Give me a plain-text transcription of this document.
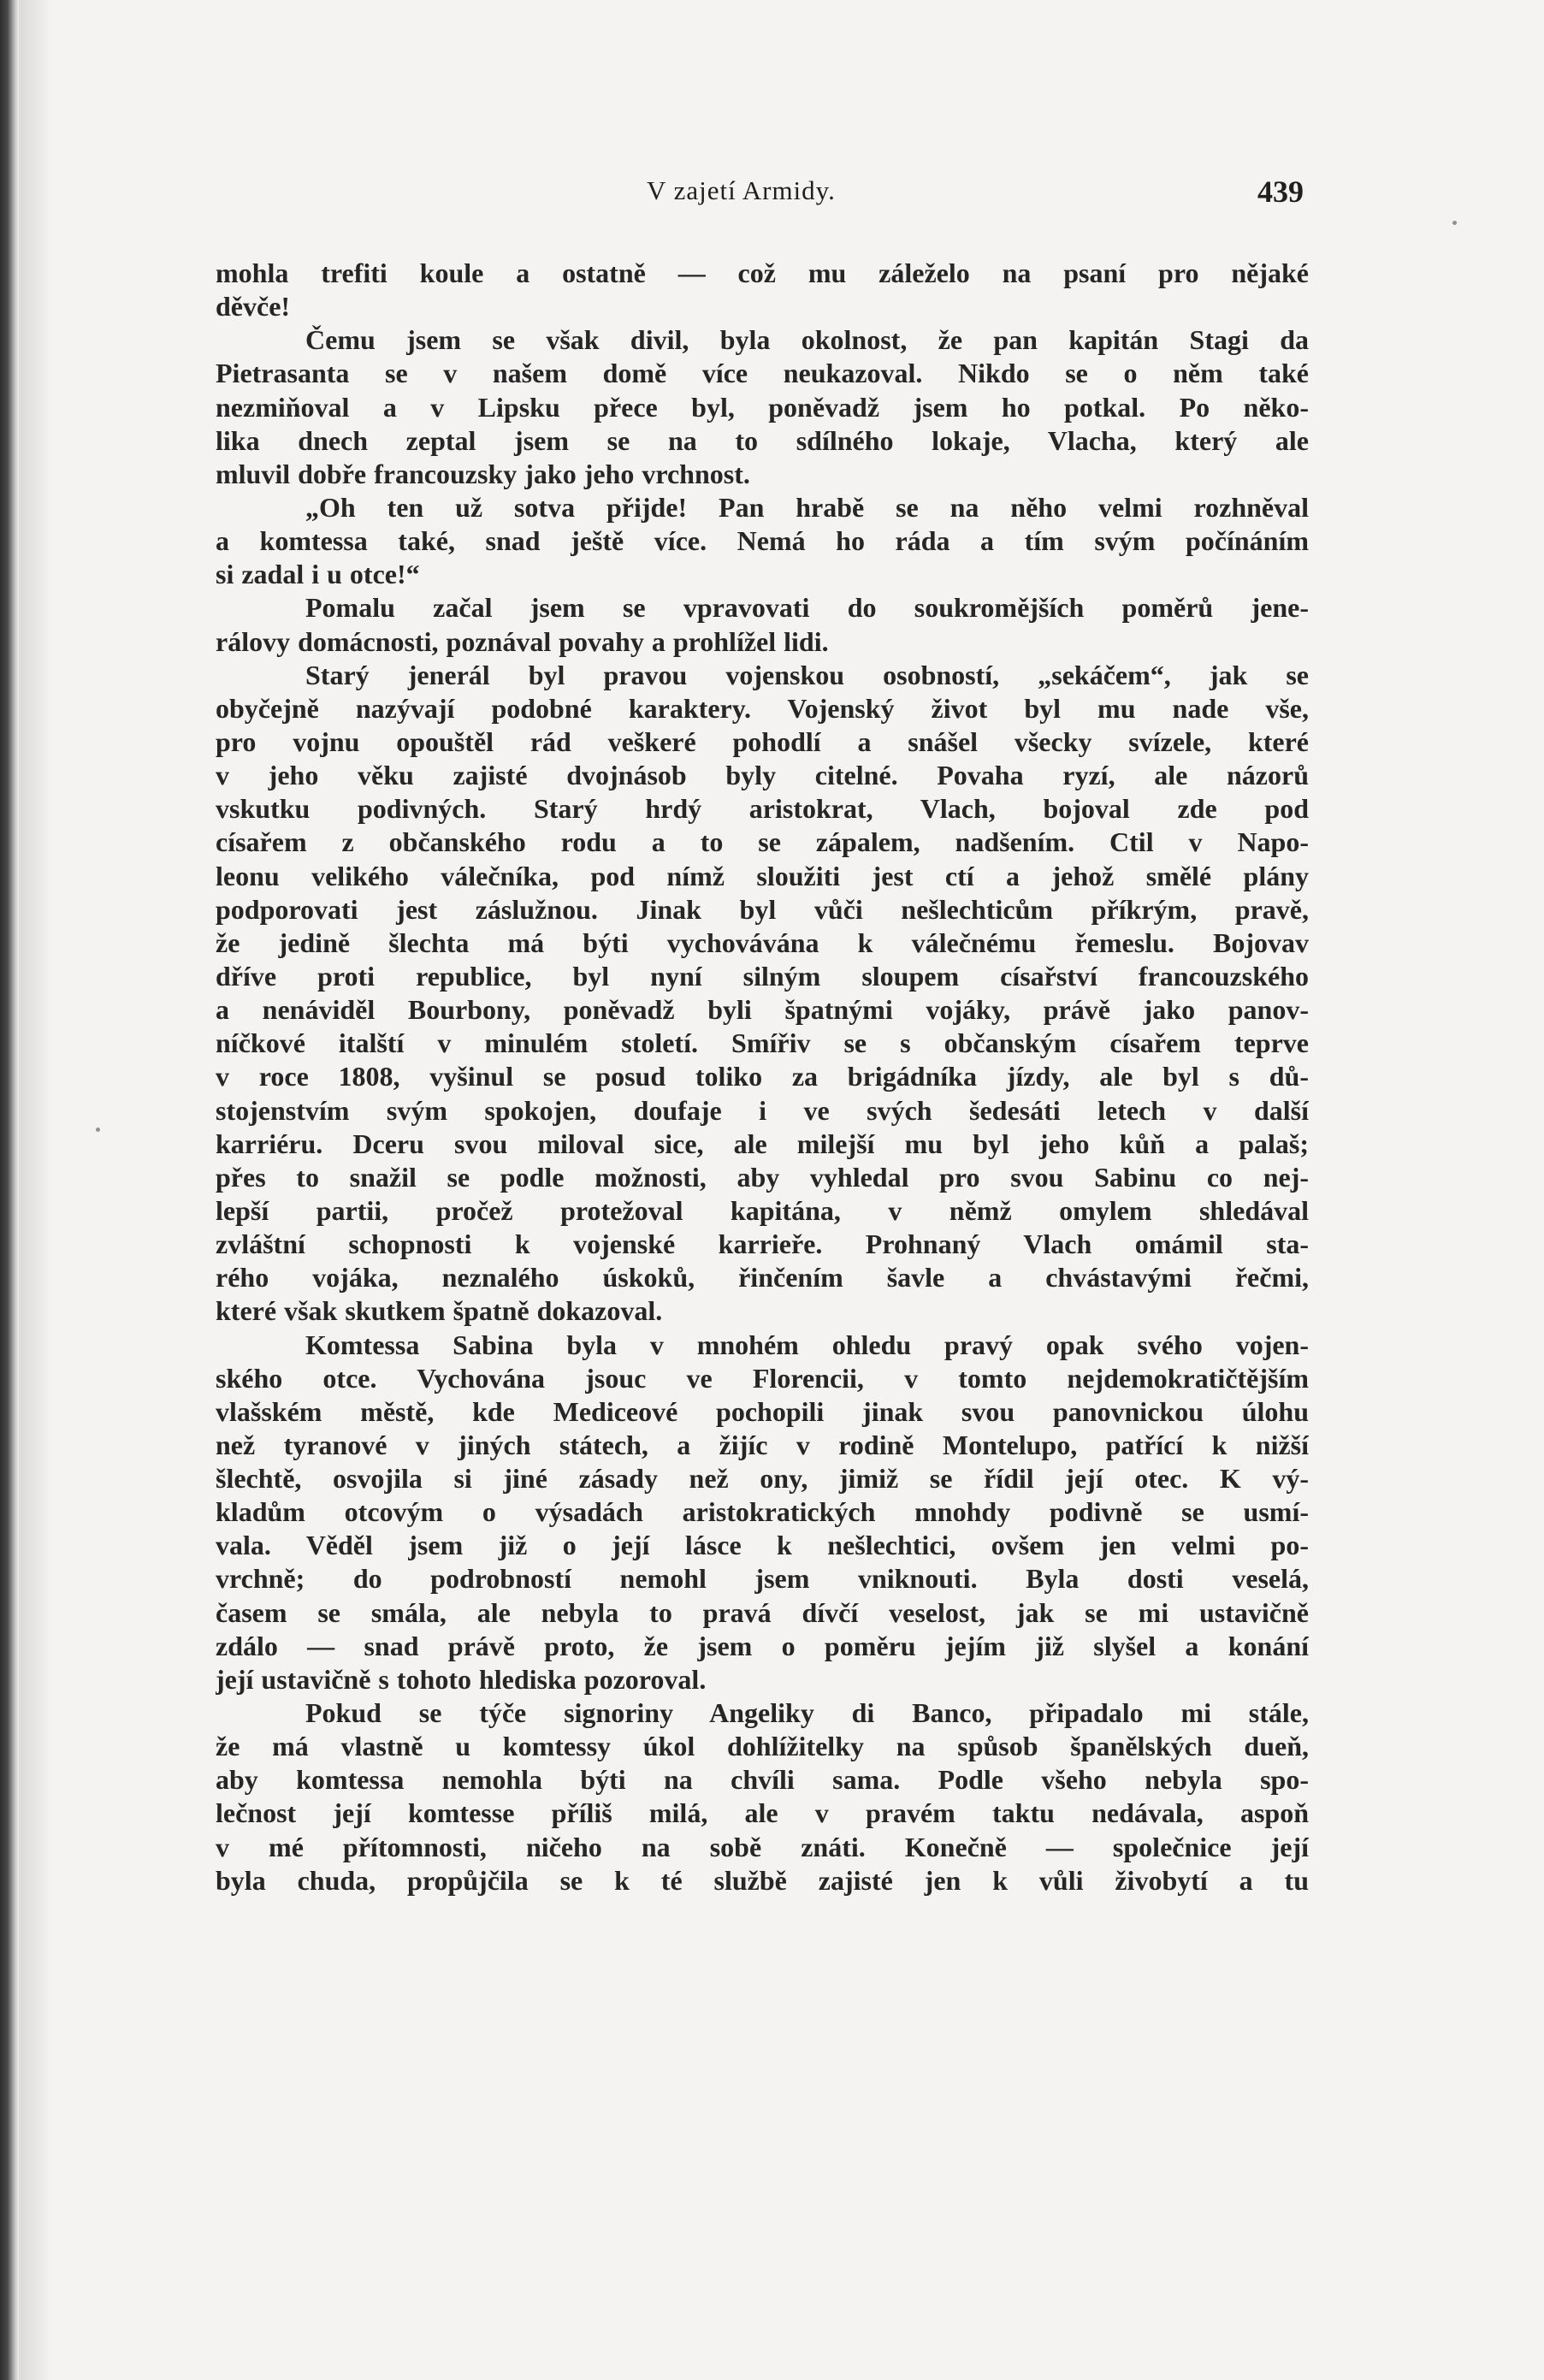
V zajetí Armidy.	439
mohla trefiti koule a ostatně — což mu záleželo na psaní pro nějaké
děvče!
Čemu jsem se však divil, byla okolnost, že pan kapitán Stagi da
Pietrasanta se v našem domě více neukazoval. Nikdo se o něm také
nezmiňoval a v Lipsku přece byl, poněvadž jsem ho potkal. Po něko-
lika dnech zeptal jsem se na to sdílného lokaje, Vlacha, který ale
mluvil dobře francouzsky jako jeho vrchnost.
„Oh ten už sotva přijde! Pan hrabě se na něho velmi rozhněval
a komtessa také, snad ještě více. Nemá ho ráda a tím svým počínáním
si zadal i u otce!“
Pomalu začal jsem se vpravovati do soukromějších poměrů jene-
rálovy domácnosti, poznával povahy a prohlížel lidi.
Starý jenerál byl pravou vojenskou osobností, „sekáčem“, jak se
obyčejně nazývají podobné karaktery. Vojenský život byl mu nade vše,
pro vojnu opouštěl rád veškeré pohodlí a snášel všecky svízele, které
v jeho věku zajisté dvojnásob byly citelné. Povaha ryzí, ale názorů
vskutku podivných. Starý hrdý aristokrat, Vlach, bojoval zde pod
císařem z občanského rodu a to se zápalem, nadšením. Ctil v Napo-
leonu velikého válečníka, pod nímž sloužiti jest ctí a jehož smělé plány
podporovati jest záslužnou. Jinak byl vůči nešlechticům příkrým, pravě,
že jedině šlechta má býti vychovávána k válečnému řemeslu. Bojovav
dříve proti republice, byl nyní silným sloupem císařství francouzského
a nenáviděl Bourbony, poněvadž byli špatnými vojáky, právě jako panov-
níčkové italští v minulém století. Smířiv se s občanským císařem teprve
v roce 1808, vyšinul se posud toliko za brigádníka jízdy, ale byl s dů-
stojenstvím svým spokojen, doufaje i ve svých šedesáti letech v další
karriéru. Dceru svou miloval sice, ale milejší mu byl jeho kůň a palaš;
přes to snažil se podle možnosti, aby vyhledal pro svou Sabinu co nej-
lepší partii, pročež protežoval kapitána, v němž omylem shledával
zvláštní schopnosti k vojenské karrieře. Prohnaný Vlach omámil sta-
rého vojáka, neznalého úskoků, řinčením šavle a chvástavými řečmi,
které však skutkem špatně dokazoval.
Komtessa Sabina byla v mnohém ohledu pravý opak svého vojen-
ského otce. Vychována jsouc ve Florencii, v tomto nejdemokratičtějším
vlašském městě, kde Mediceové pochopili jinak svou panovnickou úlohu
než tyranové v jiných státech, a žijíc v rodině Montelupo, patřící k nižší
šlechtě, osvojila si jiné zásady než ony, jimiž se řídil její otec. K vý-
kladům otcovým o výsadách aristokratických mnohdy podivně se usmí-
vala. Věděl jsem již o její lásce k nešlechtici, ovšem jen velmi po-
vrchně; do podrobností nemohl jsem vniknouti. Byla dosti veselá,
časem se smála, ale nebyla to pravá dívčí veselost, jak se mi ustavičně
zdálo — snad právě proto, že jsem o poměru jejím již slyšel a konání
její ustavičně s tohoto hlediska pozoroval.
Pokud se týče signoriny Angeliky di Banco, připadalo mi stále,
že má vlastně u komtessy úkol dohlížitelky na spůsob španělských dueň,
aby komtessa nemohla býti na chvíli sama. Podle všeho nebyla spo-
lečnost její komtesse příliš milá, ale v pravém taktu nedávala, aspoň
v mé přítomnosti, ničeho na sobě znáti. Konečně — společnice její
byla chuda, propůjčila se k té službě zajisté jen k vůli živobytí a tu
